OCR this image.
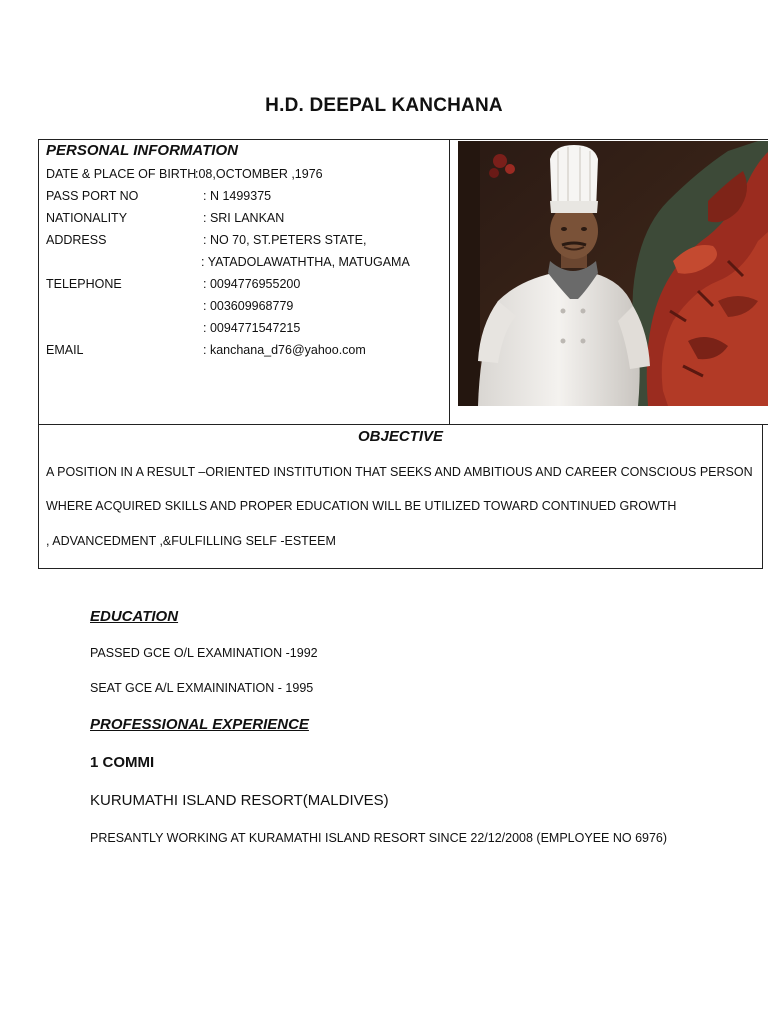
H.D. DEEPAL KANCHANA
PERSONAL INFORMATION
DATE & PLACE OF BIRTH:08,OCTOMBER ,1976
PASS PORT NO	: N 1499375
NATIONALITY	: SRI LANKAN
ADDRESS	: NO 70, ST.PETERS STATE,
: YATADOLAWATHTHA, MATUGAMA
TELEPHONE	: 0094776955200
: 003609968779
: 0094771547215
EMAIL	: kanchana_d76@yahoo.com
OBJECTIVE
A POSITION IN A RESULT –ORIENTED INSTITUTION THAT SEEKS AND AMBITIOUS AND CAREER CONSCIOUS PERSON
WHERE ACQUIRED SKILLS AND PROPER EDUCATION WILL BE UTILIZED TOWARD CONTINUED GROWTH
, ADVANCEDMENT ,&FULFILLING SELF -ESTEEM
EDUCATION
PASSED GCE O/L EXAMINATION -1992
SEAT GCE A/L EXMAININATION - 1995
PROFESSIONAL EXPERIENCE
1 COMMI
KURUMATHI ISLAND RESORT(MALDIVES)
PRESANTLY WORKING AT KURAMATHI ISLAND RESORT SINCE 22/12/2008 (EMPLOYEE NO 6976)
